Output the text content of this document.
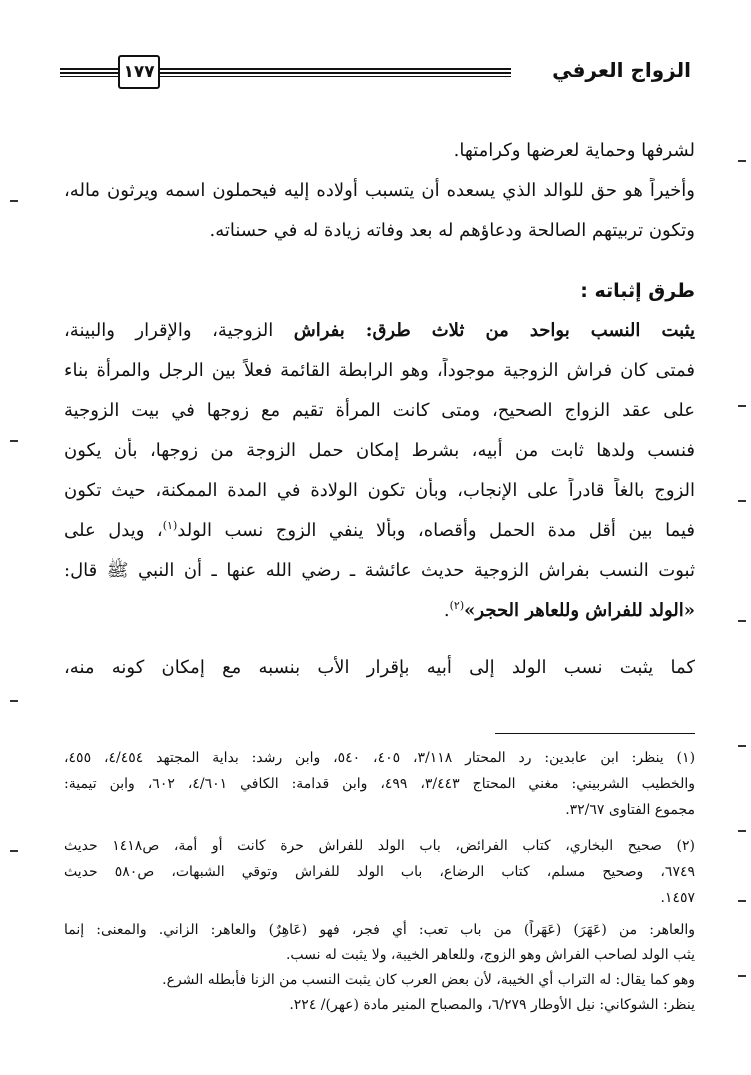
١٧٧	الزواج العرفي
لشرفها وحماية لعرضها وكرامتها.
وأخيراً هو حق للوالد الذي يسعده أن يتسبب أولاده إليه فيحملون اسمه ويرثون ماله،
وتكون تربيتهم الصالحة ودعاؤهم له بعد وفاته زيادة له في حسناته.
طرق إثباته :
يثبت النسب بواحد من ثلاث طرق: بفراش الزوجية، والإقرار والبينة،
فمتى كان فراش الزوجية موجوداً، وهو الرابطة القائمة فعلاً بين الرجل والمرأة بناء
على عقد الزواج الصحيح، ومتى كانت المرأة تقيم مع زوجها في بيت الزوجية
فنسب ولدها ثابت من أبيه، بشرط إمكان حمل الزوجة من زوجها، بأن يكون
الزوج بالغاً قادراً على الإنجاب، وبأن تكون الولادة في المدة الممكنة، حيث تكون
فيما بين أقل مدة الحمل وأقصاه، وبألا ينفي الزوج نسب الولد$^{(١)}$، ويدل على
ثبوت النسب بفراش الزوجية حديث عائشة ـ رضي الله عنها ـ أن النبي ﷺ قال:
«الولد للفراش وللعاهر الحجر»$^{(٢)}$.
كما يثبت نسب الولد إلى أبيه بإقرار الأب بنسبه مع إمكان كونه منه،
(١) ينظر: ابن عابدين: رد المحتار ٣/١١٨، ٤٠٥، ٥٤٠، وابن رشد: بداية المجتهد ٤/٤٥٤، ٤٥٥،
والخطيب الشربيني: مغني المحتاج ٣/٤٤٣، ٤٩٩، وابن قدامة: الكافي ٤/٦٠١، ٦٠٢، وابن تيمية:
مجموع الفتاوى ٣٢/٦٧.
(٢) صحيح البخاري، كتاب الفرائض، باب الولد للفراش حرة كانت أو أمة، ص١٤١٨ حديث
٦٧٤٩، وصحيح مسلم، كتاب الرضاع، باب الولد للفراش وتوقي الشبهات، ص٥٨٠ حديث
١٤٥٧.
والعاهر: من (عَهَرَ) (عَهَراً) من باب تعب: أي فجر، فهو (عَاهِرٌ) والعاهر: الزاني. والمعنى: إنما
يثب الولد لصاحب الفراش وهو الزوج، وللعاهر الخيبة، ولا يثبت له نسب.
وهو كما يقال: له التراب أي الخيبة، لأن بعض العرب كان يثبت النسب من الزنا فأبطله الشرع.
ينظر: الشوكاني: نيل الأوطار ٦/٢٧٩، والمصباح المنير مادة (عهر)/ ٢٢٤.
